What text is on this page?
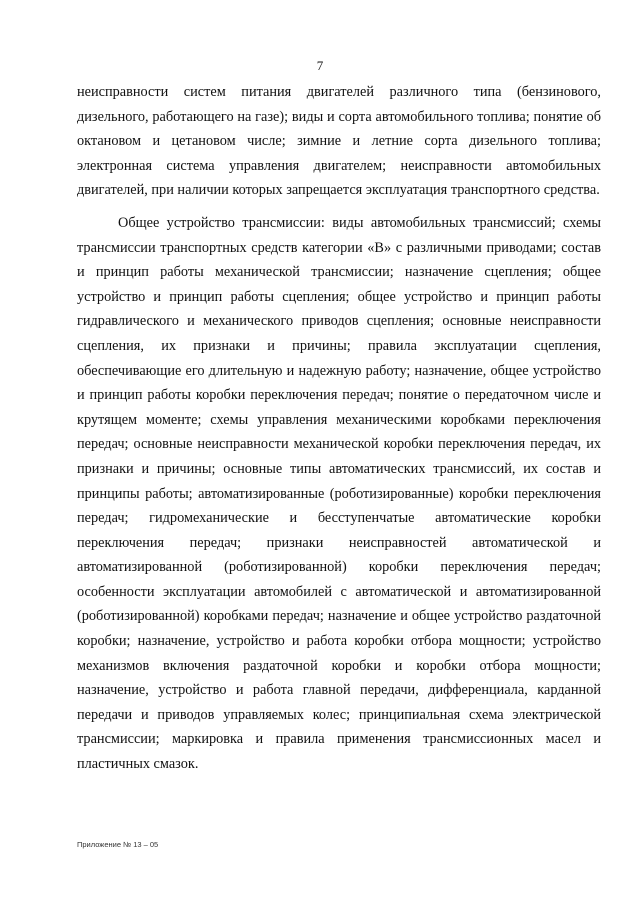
7

неисправности систем питания двигателей различного типа (бензинового, дизельного, работающего на газе); виды и сорта автомобильного топлива; понятие об октановом и цетановом числе; зимние и летние сорта дизельного топлива; электронная система управления двигателем; неисправности автомобильных двигателей, при наличии которых запрещается эксплуатация транспортного средства.

Общее устройство трансмиссии: виды автомобильных трансмиссий; схемы трансмиссии транспортных средств категории «B» с различными приводами; состав и принцип работы механической трансмиссии; назначение сцепления; общее устройство и принцип работы сцепления; общее устройство и принцип работы гидравлического и механического приводов сцепления; основные неисправности сцепления, их признаки и причины; правила эксплуатации сцепления, обеспечивающие его длительную и надежную работу; назначение, общее устройство и принцип работы коробки переключения передач; понятие о передаточном числе и крутящем моменте; схемы управления механическими коробками переключения передач; основные неисправности механической коробки переключения передач, их признаки и причины; основные типы автоматических трансмиссий, их состав и принципы работы; автоматизированные (роботизированные) коробки переключения передач; гидромеханические и бесступенчатые автоматические коробки переключения передач; признаки неисправностей автоматической и автоматизированной (роботизированной) коробки переключения передач; особенности эксплуатации автомобилей с автоматической и автоматизированной (роботизированной) коробками передач; назначение и общее устройство раздаточной коробки; назначение, устройство и работа коробки отбора мощности; устройство механизмов включения раздаточной коробки и коробки отбора мощности; назначение, устройство и работа главной передачи, дифференциала, карданной передачи и приводов управляемых колес; принципиальная схема электрической трансмиссии; маркировка и правила применения трансмиссионных масел и пластичных смазок.

Приложение № 13 – 05
